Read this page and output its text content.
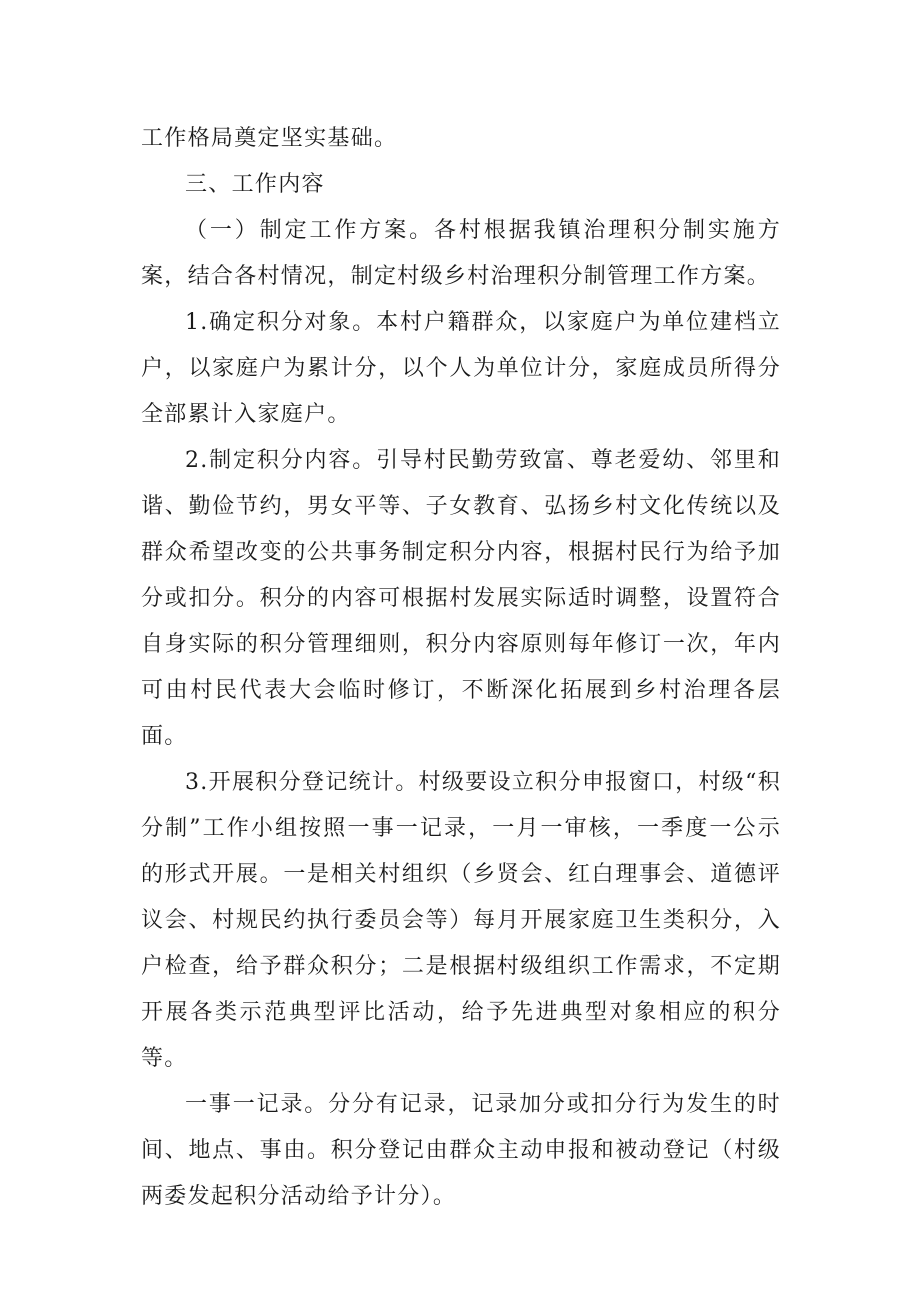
工作格局奠定坚实基础。

三、工作内容

（一）制定工作方案。各村根据我镇治理积分制实施方案，结合各村情况，制定村级乡村治理积分制管理工作方案。

1.确定积分对象。本村户籍群众，以家庭户为单位建档立户，以家庭户为累计分，以个人为单位计分，家庭成员所得分全部累计入家庭户。

2.制定积分内容。引导村民勤劳致富、尊老爱幼、邻里和谐、勤俭节约，男女平等、子女教育、弘扬乡村文化传统以及群众希望改变的公共事务制定积分内容，根据村民行为给予加分或扣分。积分的内容可根据村发展实际适时调整，设置符合自身实际的积分管理细则，积分内容原则每年修订一次，年内可由村民代表大会临时修订，不断深化拓展到乡村治理各层面。

3.开展积分登记统计。村级要设立积分申报窗口，村级“积分制”工作小组按照一事一记录，一月一审核，一季度一公示的形式开展。一是相关村组织（乡贤会、红白理事会、道德评议会、村规民约执行委员会等）每月开展家庭卫生类积分，入户检查，给予群众积分；二是根据村级组织工作需求，不定期开展各类示范典型评比活动，给予先进典型对象相应的积分等。

一事一记录。分分有记录，记录加分或扣分行为发生的时间、地点、事由。积分登记由群众主动申报和被动登记（村级两委发起积分活动给予计分）。
